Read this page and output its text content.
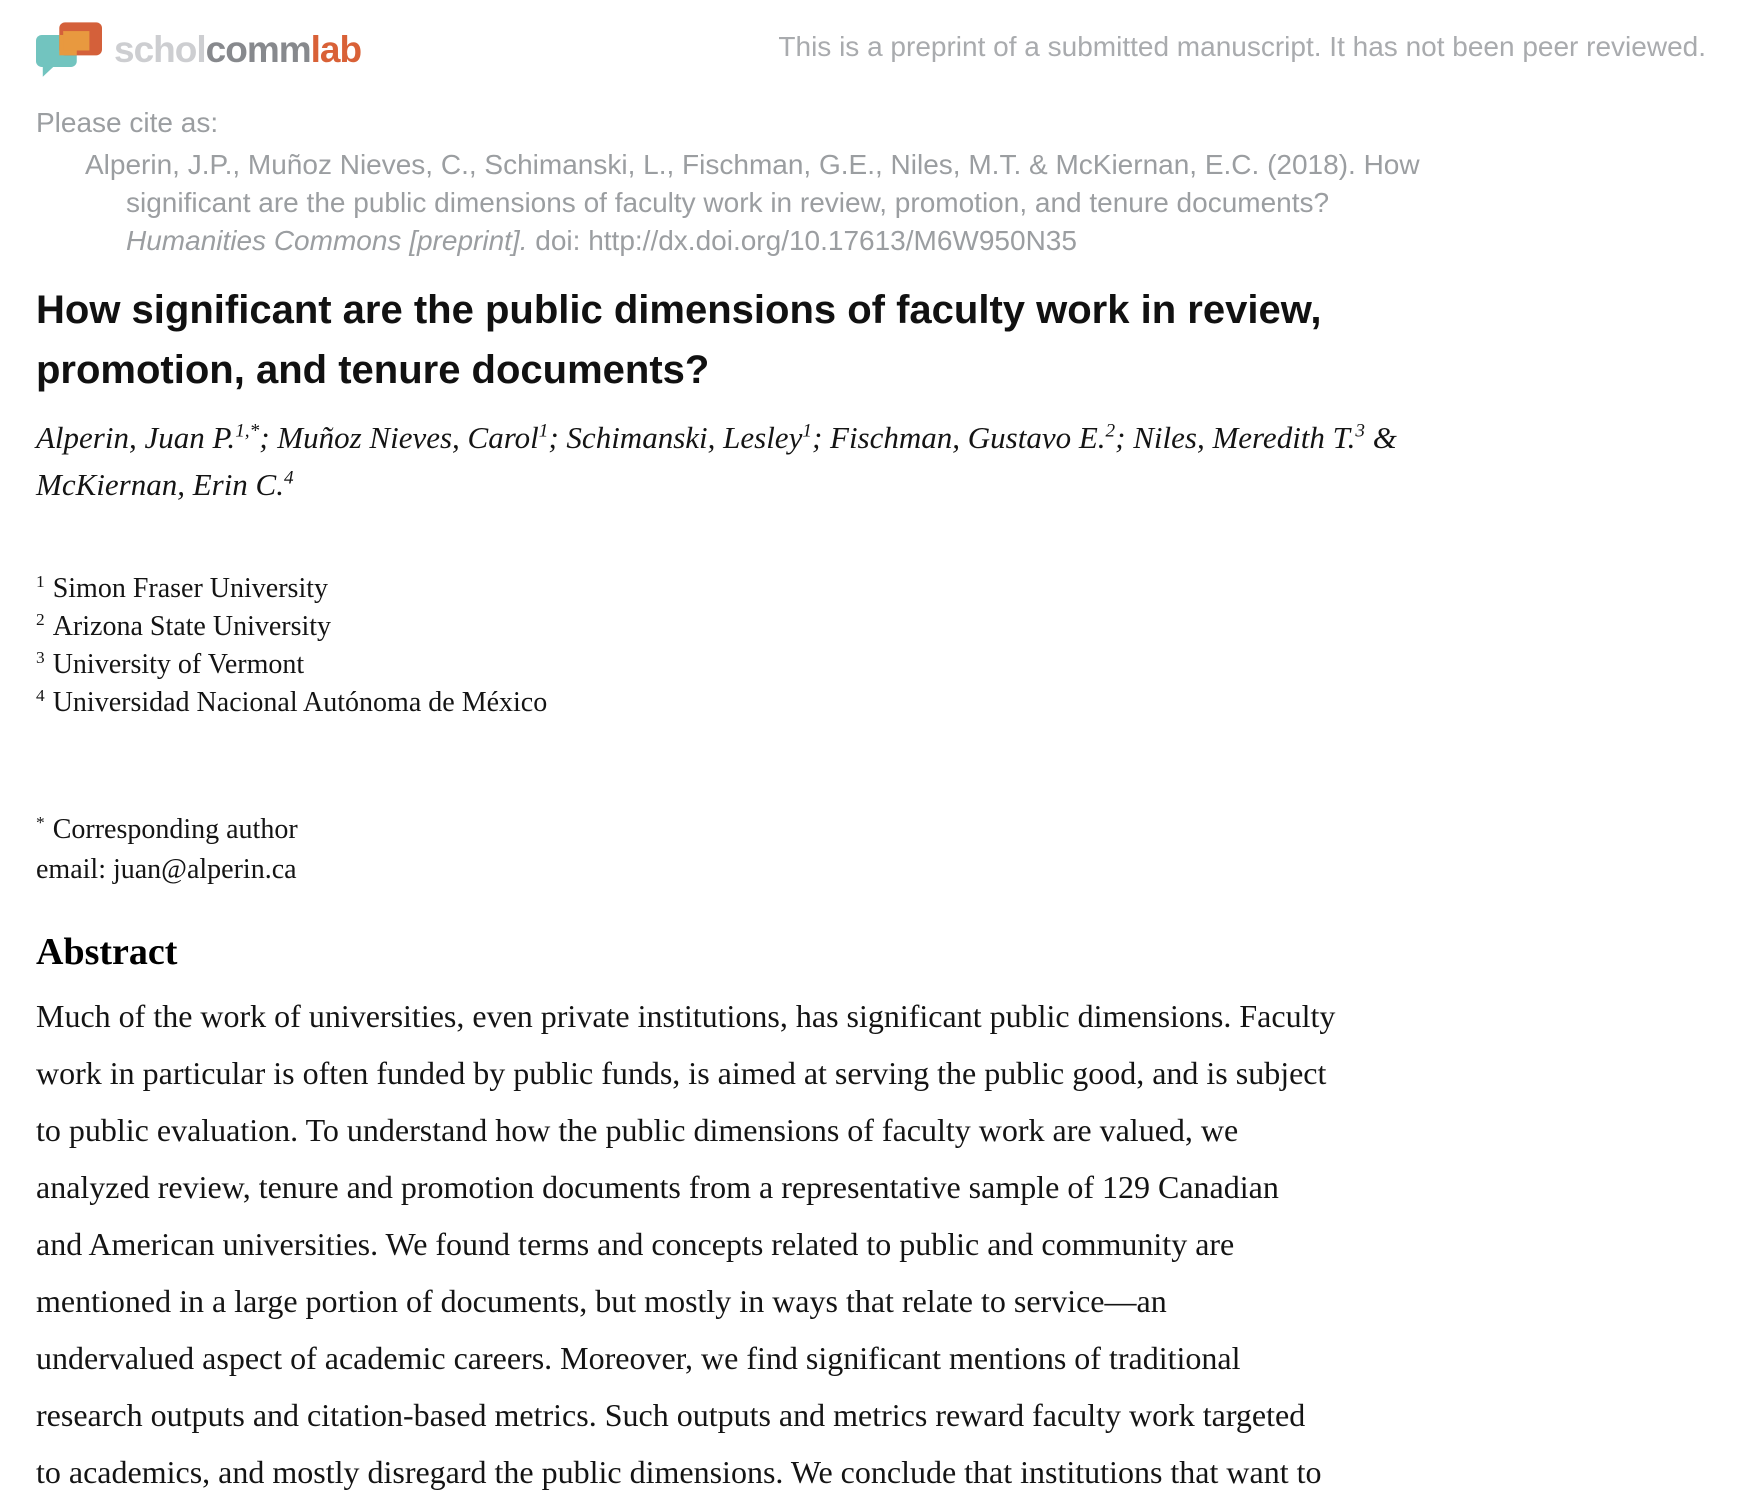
scholcommlab	This is a preprint of a submitted manuscript. It has not been peer reviewed.
Please cite as:

Alperin, J.P., Muñoz Nieves, C., Schimanski, L., Fischman, G.E., Niles, M.T. & McKiernan, E.C. (2018). How significant are the public dimensions of faculty work in review, promotion, and tenure documents? Humanities Commons [preprint]. doi: http://dx.doi.org/10.17613/M6W950N35

How significant are the public dimensions of faculty work in review,
promotion, and tenure documents?
Alperin, Juan P.$^{1,*}$; Muñoz Nieves, Carol$^1$; Schimanski, Lesley$^1$; Fischman, Gustavo E.$^2$; Niles, Meredith T.$^3$ &
McKiernan, Erin C.$^4$
$^1$ Simon Fraser University
$^2$ Arizona State University
$^3$ University of Vermont
$^4$ Universidad Nacional Autónoma de México
* Corresponding author
email: juan@alperin.ca
Abstract
Much of the work of universities, even private institutions, has significant public dimensions. Faculty
work in particular is often funded by public funds, is aimed at serving the public good, and is subject
to public evaluation. To understand how the public dimensions of faculty work are valued, we
analyzed review, tenure and promotion documents from a representative sample of 129 Canadian
and American universities. We found terms and concepts related to public and community are
mentioned in a large portion of documents, but mostly in ways that relate to service—an
undervalued aspect of academic careers. Moreover, we find significant mentions of traditional
research outputs and citation-based metrics. Such outputs and metrics reward faculty work targeted
to academics, and mostly disregard the public dimensions. We conclude that institutions that want to
